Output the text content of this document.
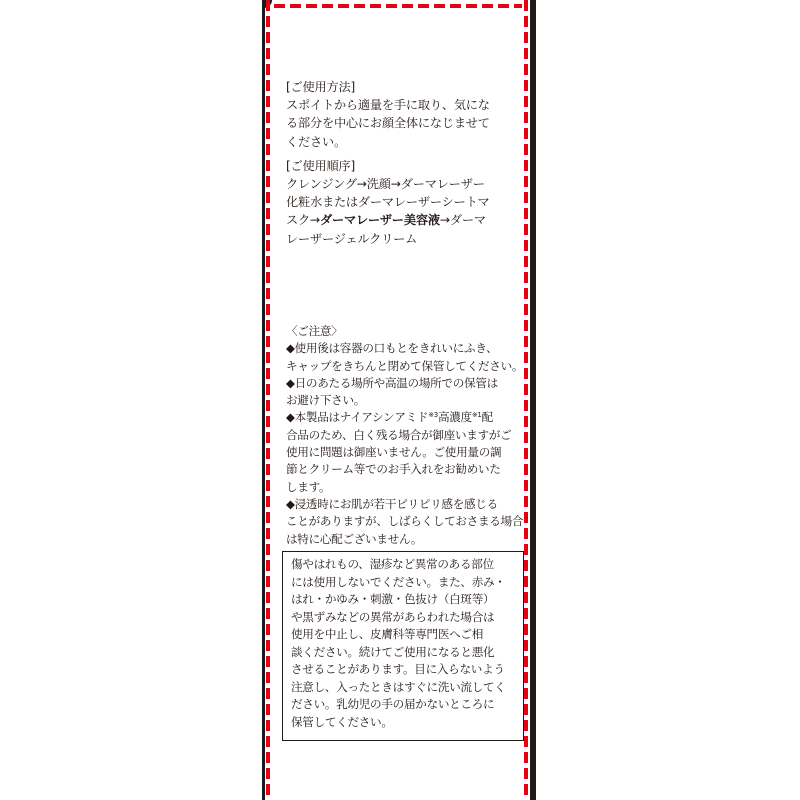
[ご使用方法]
スポイトから適量を手に取り、気にな
る部分を中心にお顔全体になじませて
ください。
[ご使用順序]
クレンジング→洗顔→ダーマレーザー
化粧水またはダーマレーザーシートマ
スク→ダーマレーザー美容液→ダーマ
レーザージェルクリーム
〈ご注意〉
◆使用後は容器の口もとをきれいにふき、
キャップをきちんと閉めて保管してください。
◆日のあたる場所や高温の場所での保管は
お避け下さい。
◆本製品はナイアシンアミド$^{※3}$高濃度$^{※1}$配
合品のため、白く残る場合が御座いますがご
使用に問題は御座いません。ご使用量の調
節とクリーム等でのお手入れをお勧めいた
します。
◆浸透時にお肌が若干ピリピリ感を感じる
ことがありますが、しばらくしておさまる場合
は特に心配ございません。
傷やはれもの、湿疹など異常のある部位
には使用しないでください。また、赤み・
はれ・かゆみ・刺激・色抜け（白斑等）
や黒ずみなどの異常があらわれた場合は
使用を中止し、皮膚科等専門医へご相
談ください。続けてご使用になると悪化
させることがあります。目に入らないよう
注意し、入ったときはすぐに洗い流してく
ださい。乳幼児の手の届かないところに
保管してください。
